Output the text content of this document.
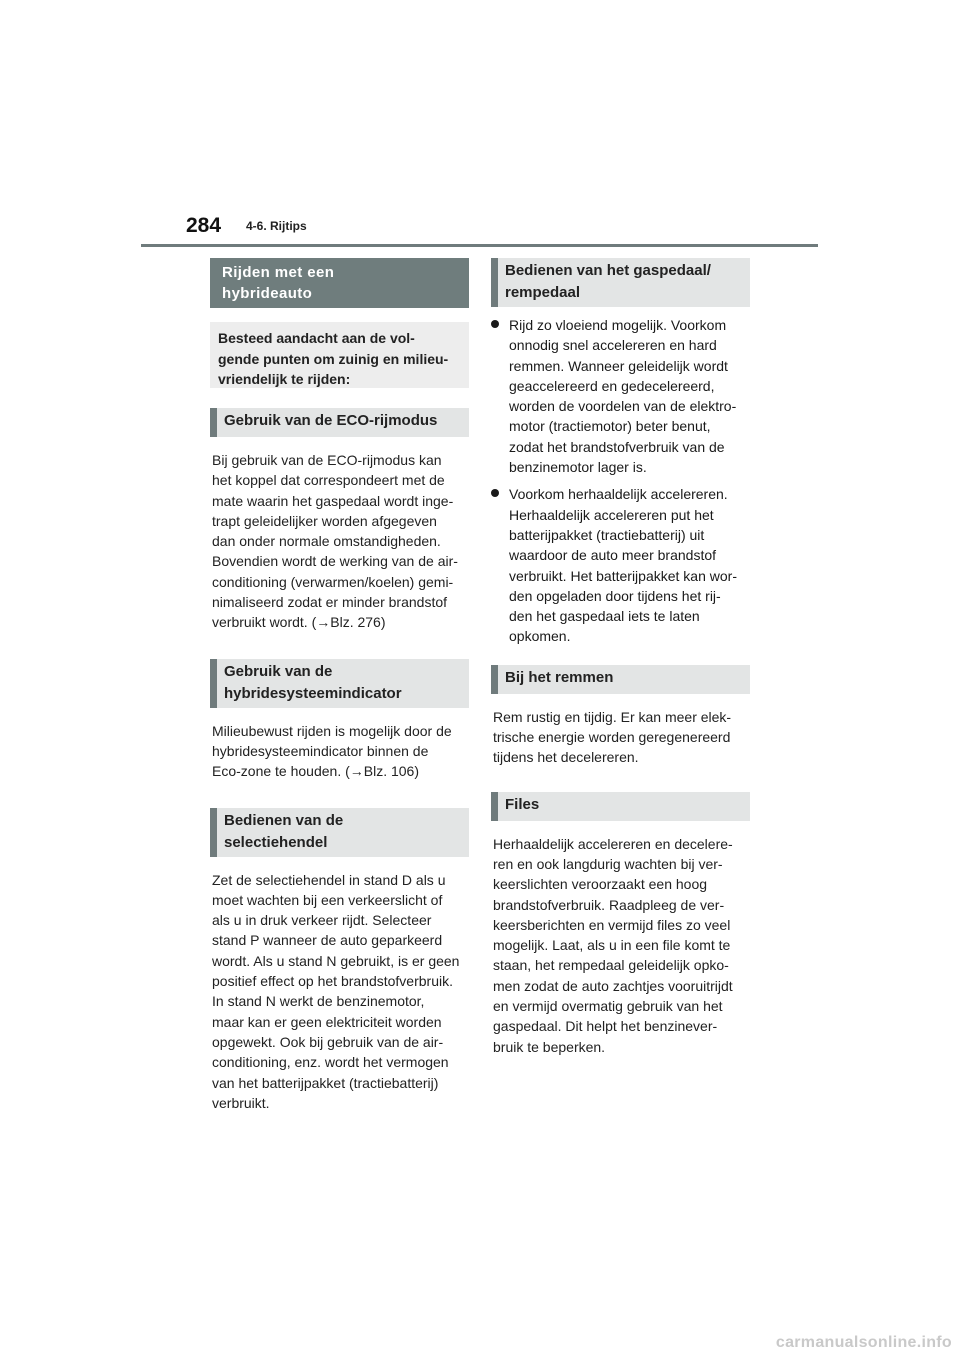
284 4-6. Rijtips
Rijden met een
hybrideauto
Besteed aandacht aan de vol-
gende punten om zuinig en milieu-
vriendelijk te rijden:
Gebruik van de ECO-rijmodus
Bij gebruik van de ECO-rijmodus kan
het koppel dat correspondeert met de
mate waarin het gaspedaal wordt inge-
trapt geleidelijker worden afgegeven
dan onder normale omstandigheden.
Bovendien wordt de werking van de air-
conditioning (verwarmen/koelen) gemi-
nimaliseerd zodat er minder brandstof
verbruikt wordt. (→Blz. 276)
Gebruik van de
hybridesysteemindicator
Milieubewust rijden is mogelijk door de
hybridesysteemindicator binnen de
Eco-zone te houden. (→Blz. 106)
Bedienen van de
selectiehendel
Zet de selectiehendel in stand D als u
moet wachten bij een verkeerslicht of
als u in druk verkeer rijdt. Selecteer
stand P wanneer de auto geparkeerd
wordt. Als u stand N gebruikt, is er geen
positief effect op het brandstofverbruik.
In stand N werkt de benzinemotor,
maar kan er geen elektriciteit worden
opgewekt. Ook bij gebruik van de air-
conditioning, enz. wordt het vermogen
van het batterijpakket (tractiebatterij)
verbruikt.
Bedienen van het gaspedaal/
rempedaal
Rijd zo vloeiend mogelijk. Voorkom
onnodig snel accelereren en hard
remmen. Wanneer geleidelijk wordt
geaccelereerd en gedecelereerd,
worden de voordelen van de elektro-
motor (tractiemotor) beter benut,
zodat het brandstofverbruik van de
benzinemotor lager is.
Voorkom herhaaldelijk accelereren.
Herhaaldelijk accelereren put het
batterijpakket (tractiebatterij) uit
waardoor de auto meer brandstof
verbruikt. Het batterijpakket kan wor-
den opgeladen door tijdens het rij-
den het gaspedaal iets te laten
opkomen.
Bij het remmen
Rem rustig en tijdig. Er kan meer elek-
trische energie worden geregenereerd
tijdens het decelereren.
Files
Herhaaldelijk accelereren en decelere-
ren en ook langdurig wachten bij ver-
keerslichten veroorzaakt een hoog
brandstofverbruik. Raadpleeg de ver-
keersberichten en vermijd files zo veel
mogelijk. Laat, als u in een file komt te
staan, het rempedaal geleidelijk opko-
men zodat de auto zachtjes vooruitrijdt
en vermijd overmatig gebruik van het
gaspedaal. Dit helpt het benzinever-
bruik te beperken.
carmanualsonline.info
